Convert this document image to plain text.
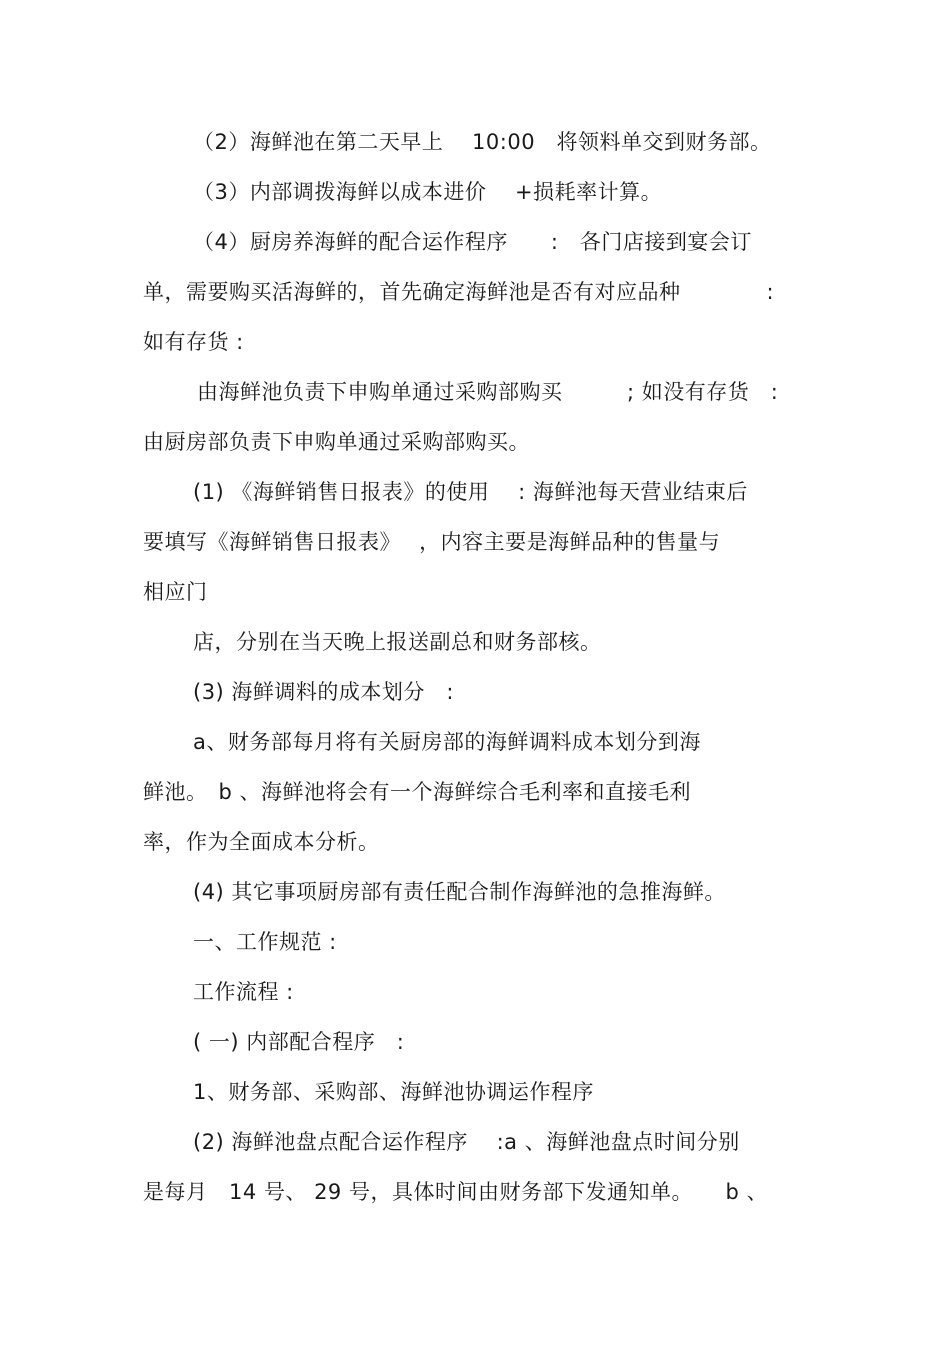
（2）海鲜池在第二天早上　 10:00　将领料单交到财务部。
（3）内部调拨海鲜以成本进价　 +损耗率计算。
（4）厨房养海鲜的配合运作程序　　:　各门店接到宴会订
单，需要购买活海鲜的，首先确定海鲜池是否有对应品种　　　　:
如有存货 :
由海鲜池负责下申购单通过采购部购买　　　; 如没有存货　:
由厨房部负责下申购单通过采购部购买。
(1) 《海鲜销售日报表》的使用　 : 海鲜池每天营业结束后
要填写《海鲜销售日报表》　 ，内容主要是海鲜品种的售量与
相应门
店，分别在当天晚上报送副总和财务部核。
(3) 海鲜调料的成本划分　:
a、财务部每月将有关厨房部的海鲜调料成本划分到海
鲜池。　b 、海鲜池将会有一个海鲜综合毛利率和直接毛利
率，作为全面成本分析。
(4) 其它事项厨房部有责任配合制作海鲜池的急推海鲜。
一、工作规范 :
工作流程 :
( 一) 内部配合程序　:
1、财务部、采购部、海鲜池协调运作程序
(2) 海鲜池盘点配合运作程序　 :a 、海鲜池盘点时间分别
是每月　14 号、 29 号，具体时间由财务部下发通知单。　　b 、
